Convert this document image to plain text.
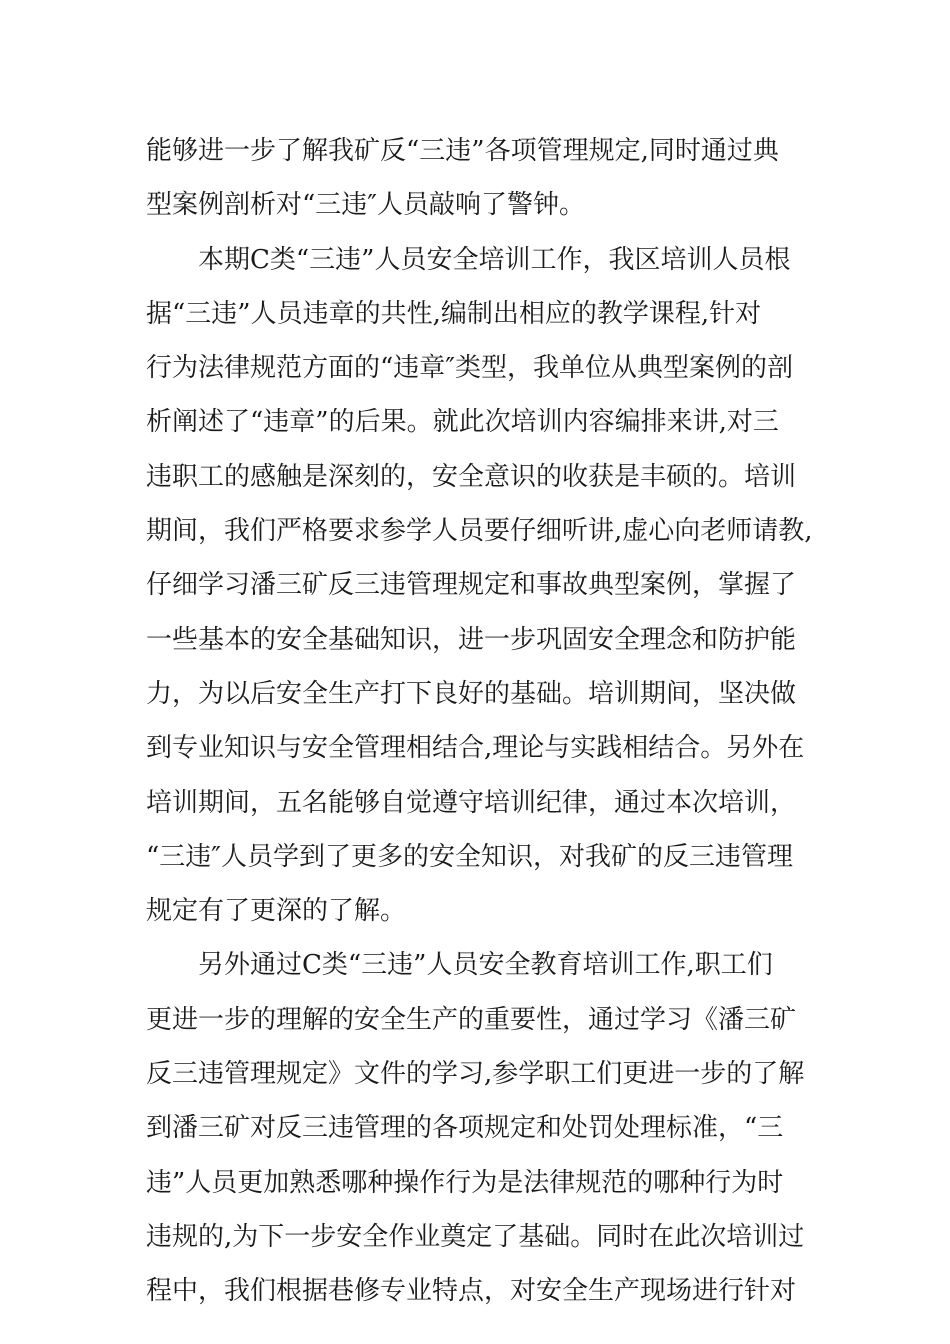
能够进一步了解我矿反“三违”各项管理规定,同时通过典
型案例剖析对“三违″人员敲响了警钟。
本期C类“三违”人员安全培训工作，我区培训人员根
据“三违”人员违章的共性,编制出相应的教学课程,针对
行为法律规范方面的“违章″类型，我单位从典型案例的剖
析阐述了“违章”的后果。就此次培训内容编排来讲,对三
违职工的感触是深刻的，安全意识的收获是丰硕的。培训
期间，我们严格要求参学人员要仔细听讲,虚心向老师请教,
仔细学习潘三矿反三违管理规定和事故典型案例，掌握了
一些基本的安全基础知识，进一步巩固安全理念和防护能
力，为以后安全生产打下良好的基础。培训期间，坚决做
到专业知识与安全管理相结合,理论与实践相结合。另外在
培训期间，五名能够自觉遵守培训纪律，通过本次培训，
“三违″人员学到了更多的安全知识，对我矿的反三违管理
规定有了更深的了解。
另外通过C类“三违”人员安全教育培训工作,职工们
更进一步的理解的安全生产的重要性，通过学习《潘三矿
反三违管理规定》文件的学习,参学职工们更进一步的了解
到潘三矿对反三违管理的各项规定和处罚处理标准，“三
违”人员更加熟悉哪种操作行为是法律规范的哪种行为时
违规的,为下一步安全作业奠定了基础。同时在此次培训过
程中，我们根据巷修专业特点，对安全生产现场进行针对
